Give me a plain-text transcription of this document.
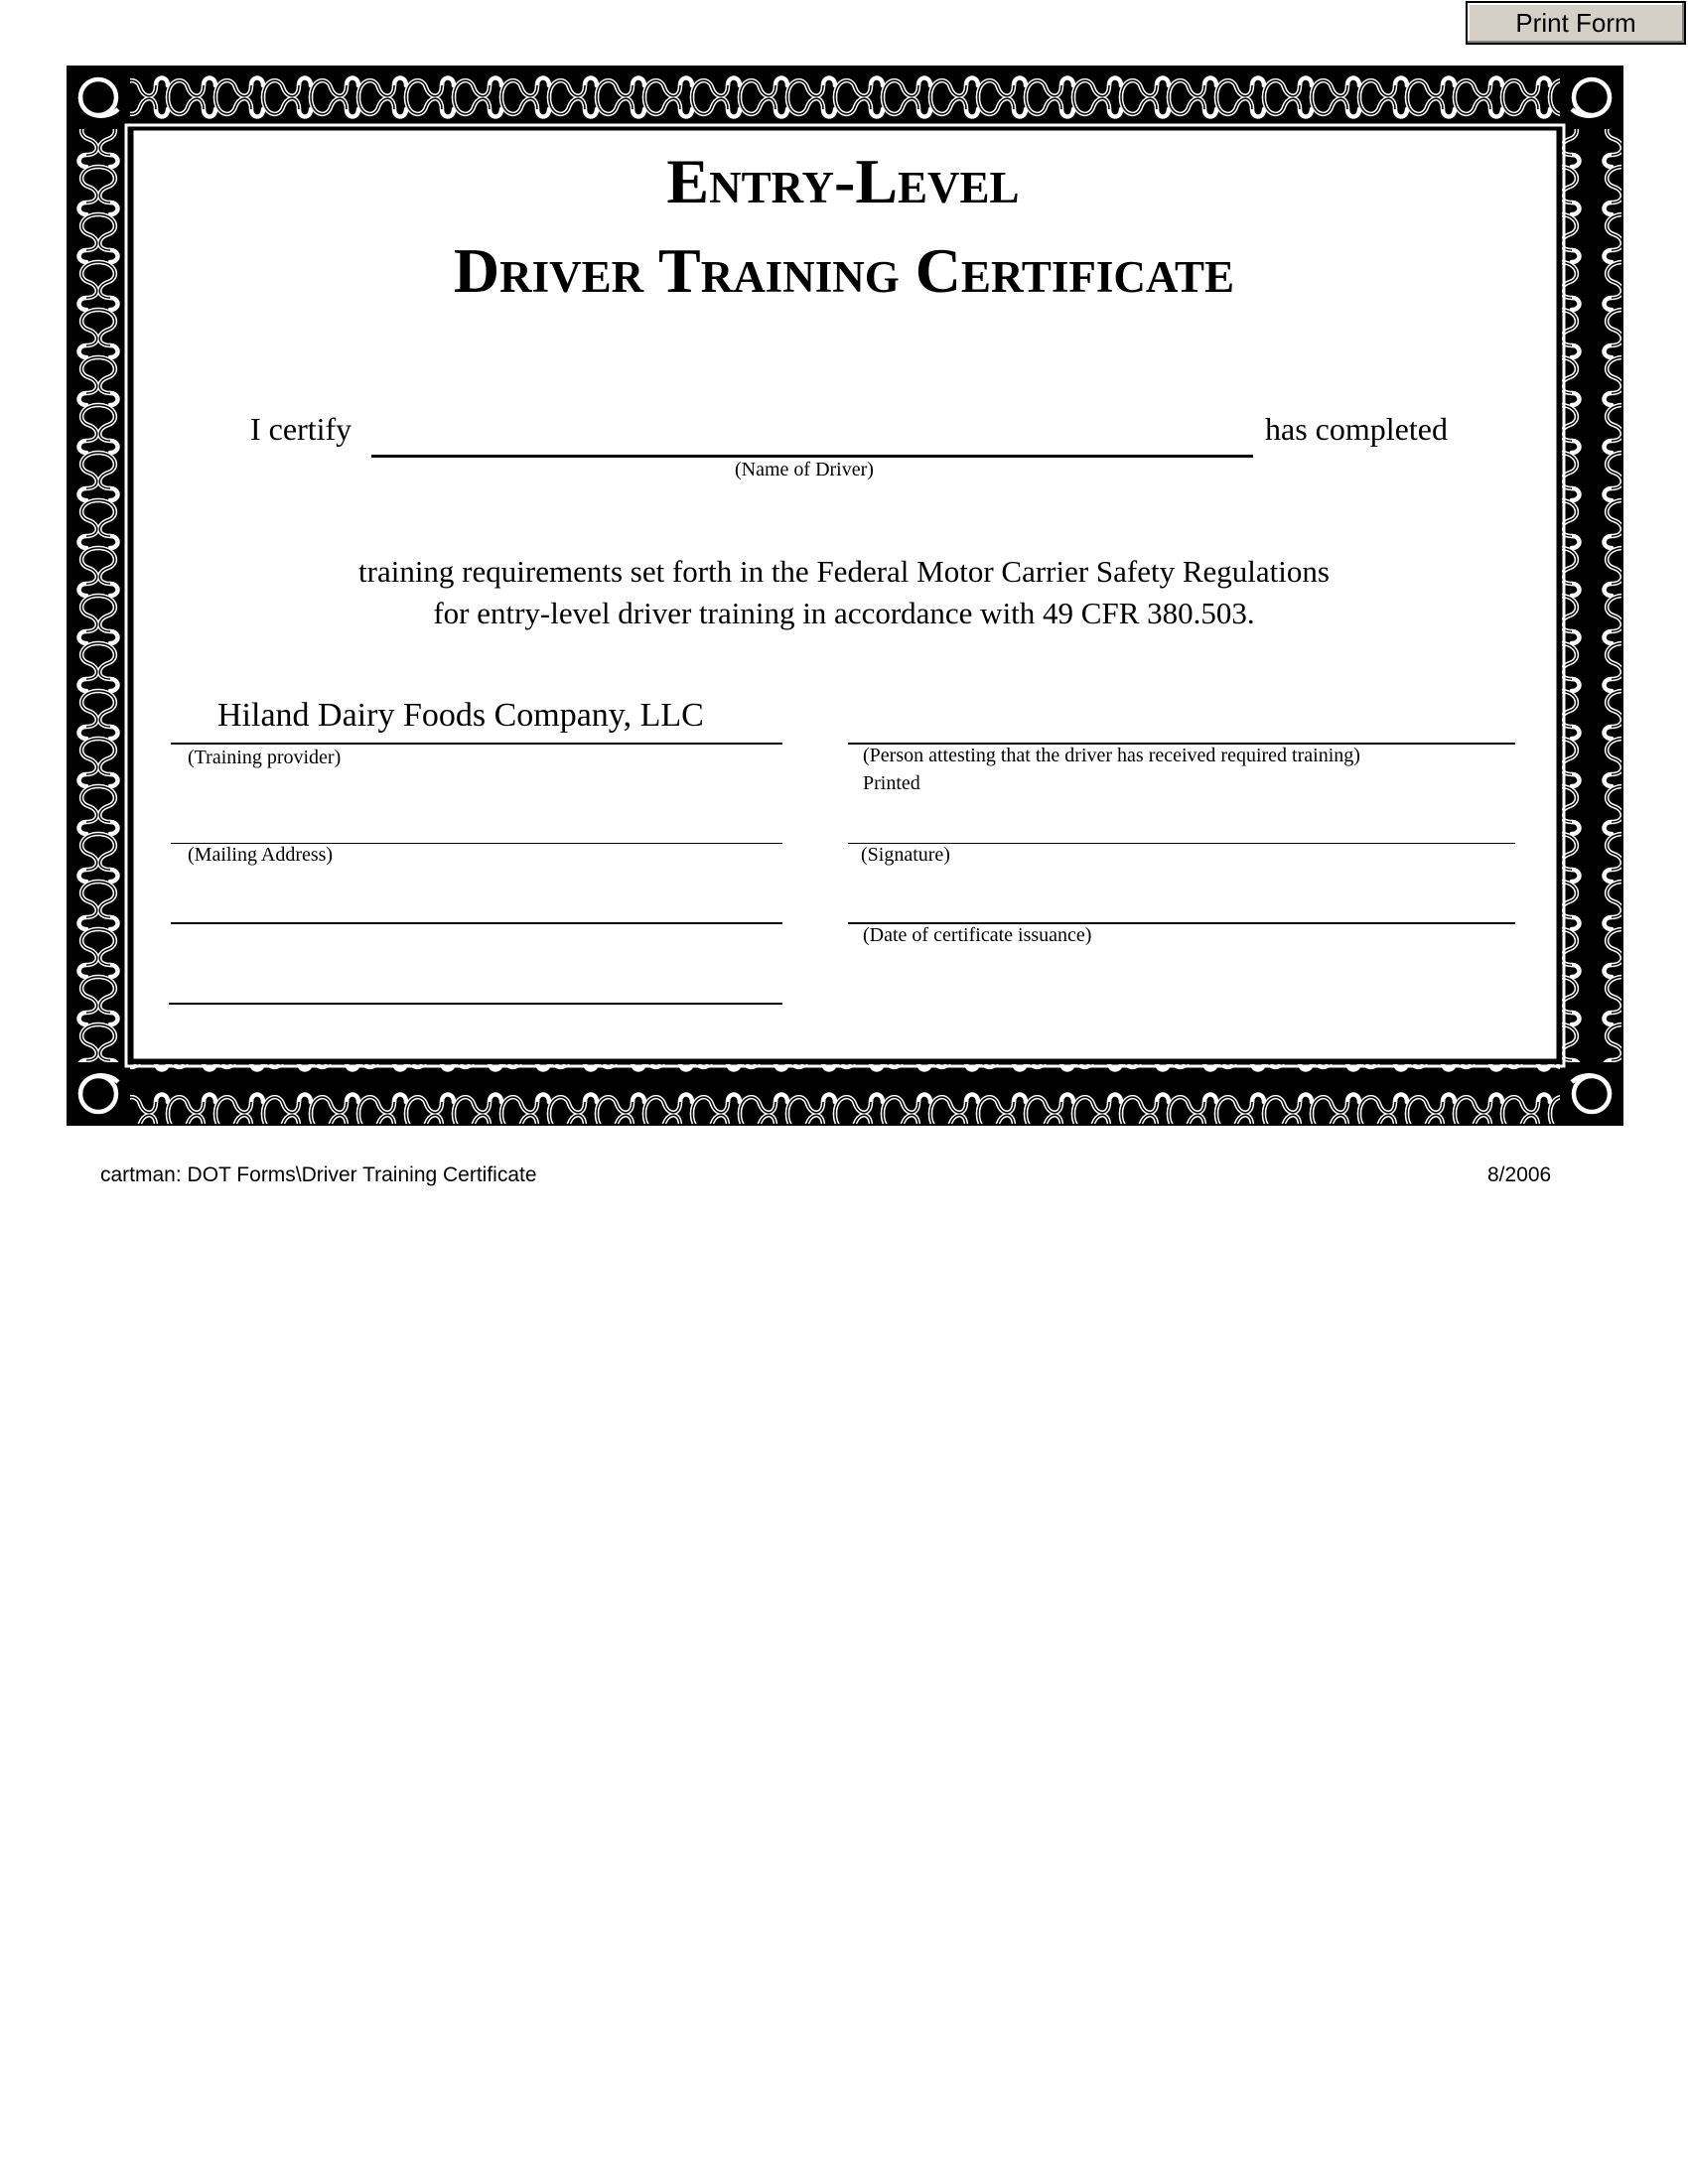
Print Form
Entry-Level
Driver Training Certificate
I certify	has completed
(Name of Driver)
training requirements set forth in the Federal Motor Carrier Safety Regulations
for entry-level driver training in accordance with 49 CFR 380.503.
Hiland Dairy Foods Company, LLC
(Training provider)
(Mailing Address)
(Person attesting that the driver has received required training)
Printed
(Signature)
(Date of certificate issuance)
cartman: DOT Forms\Driver Training Certificate	8/2006
